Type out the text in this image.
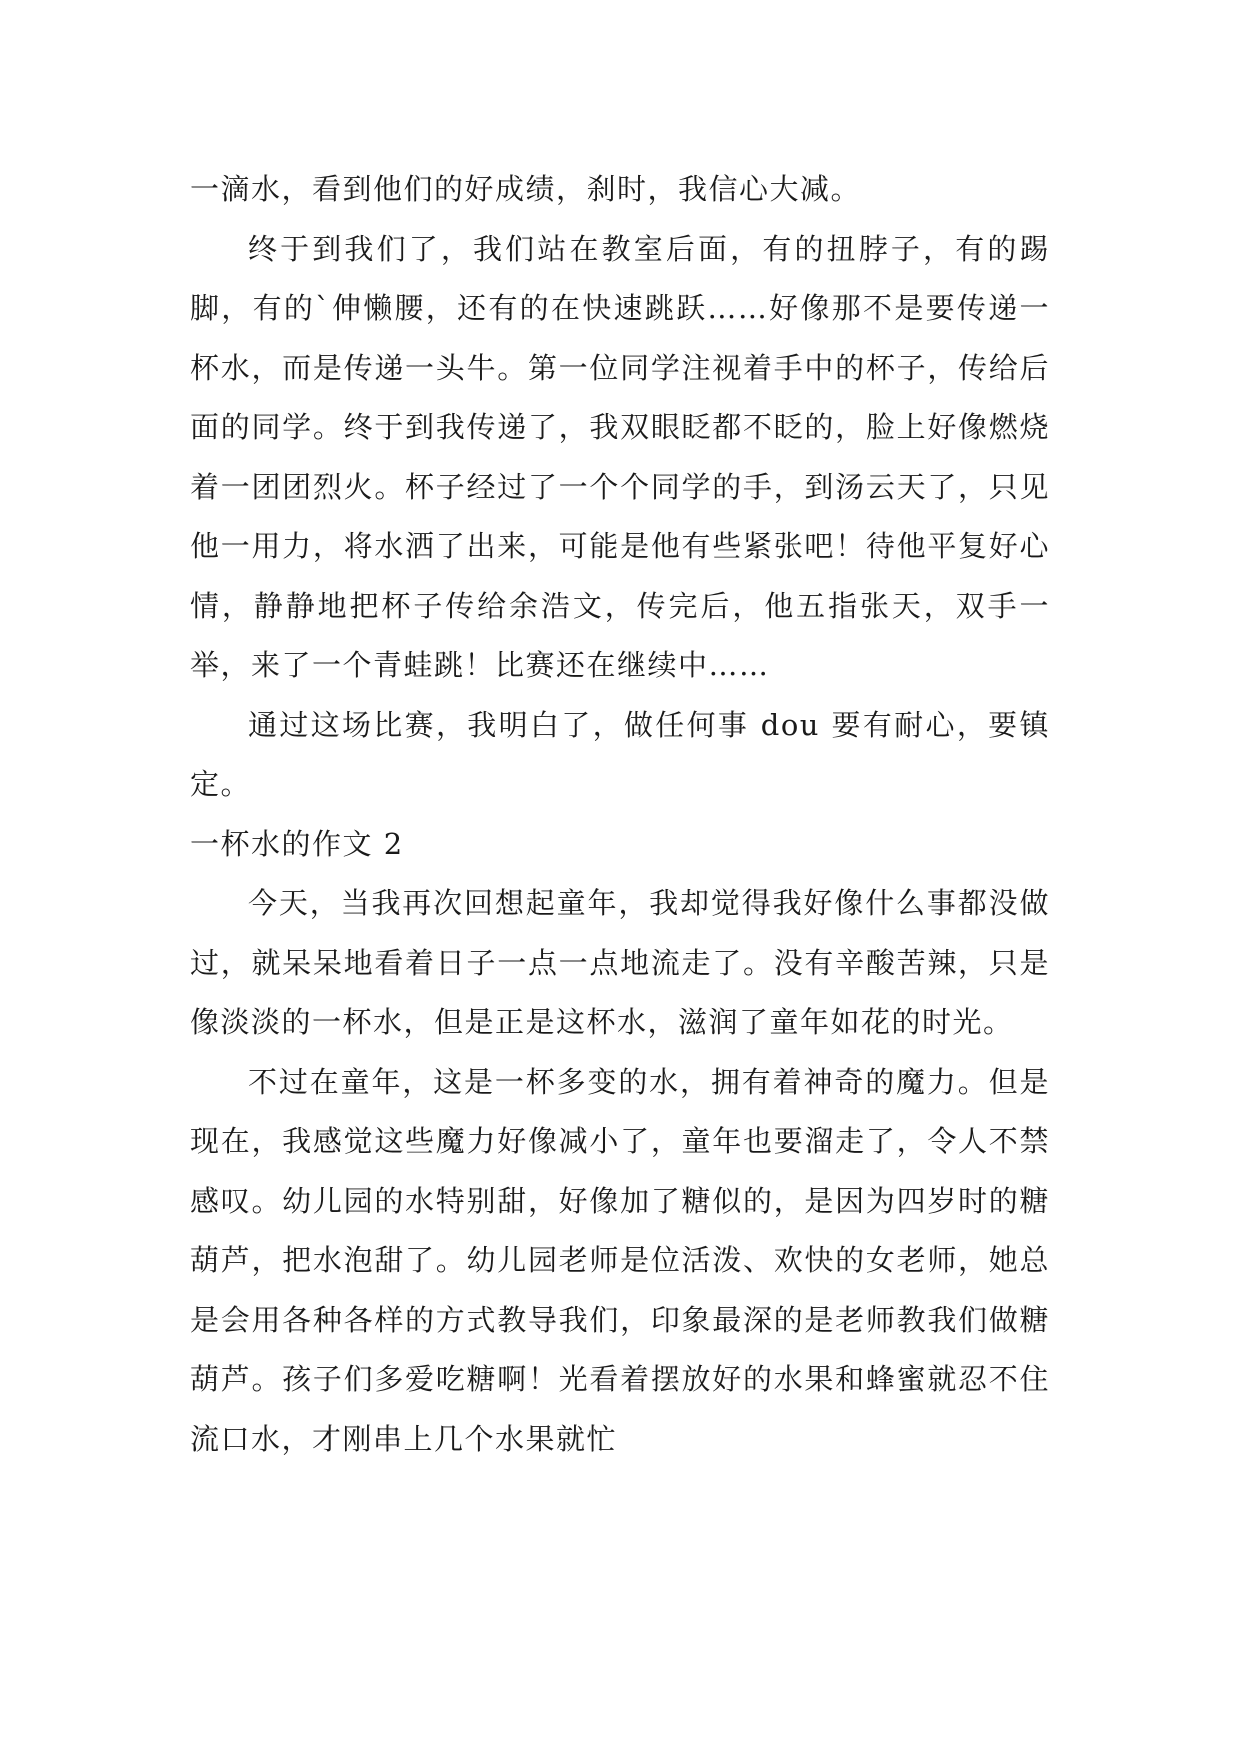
一滴水，看到他们的好成绩，刹时，我信心大减。

终于到我们了，我们站在教室后面，有的扭脖子，有的踢脚，有的`伸懒腰，还有的在快速跳跃……好像那不是要传递一杯水，而是传递一头牛。第一位同学注视着手中的杯子，传给后面的同学。终于到我传递了，我双眼眨都不眨的，脸上好像燃烧着一团团烈火。杯子经过了一个个同学的手，到汤云天了，只见他一用力，将水洒了出来，可能是他有些紧张吧！待他平复好心情，静静地把杯子传给余浩文，传完后，他五指张天，双手一举，来了一个青蛙跳！比赛还在继续中……

通过这场比赛，我明白了，做任何事 dou 要有耐心，要镇定。

一杯水的作文 2

今天，当我再次回想起童年，我却觉得我好像什么事都没做过，就呆呆地看着日子一点一点地流走了。没有辛酸苦辣，只是像淡淡的一杯水，但是正是这杯水，滋润了童年如花的时光。

不过在童年，这是一杯多变的水，拥有着神奇的魔力。但是现在，我感觉这些魔力好像减小了，童年也要溜走了，令人不禁感叹。幼儿园的水特别甜，好像加了糖似的，是因为四岁时的糖葫芦，把水泡甜了。幼儿园老师是位活泼、欢快的女老师，她总是会用各种各样的方式教导我们，印象最深的是老师教我们做糖葫芦。孩子们多爱吃糖啊！光看着摆放好的水果和蜂蜜就忍不住流口水，才刚串上几个水果就忙
